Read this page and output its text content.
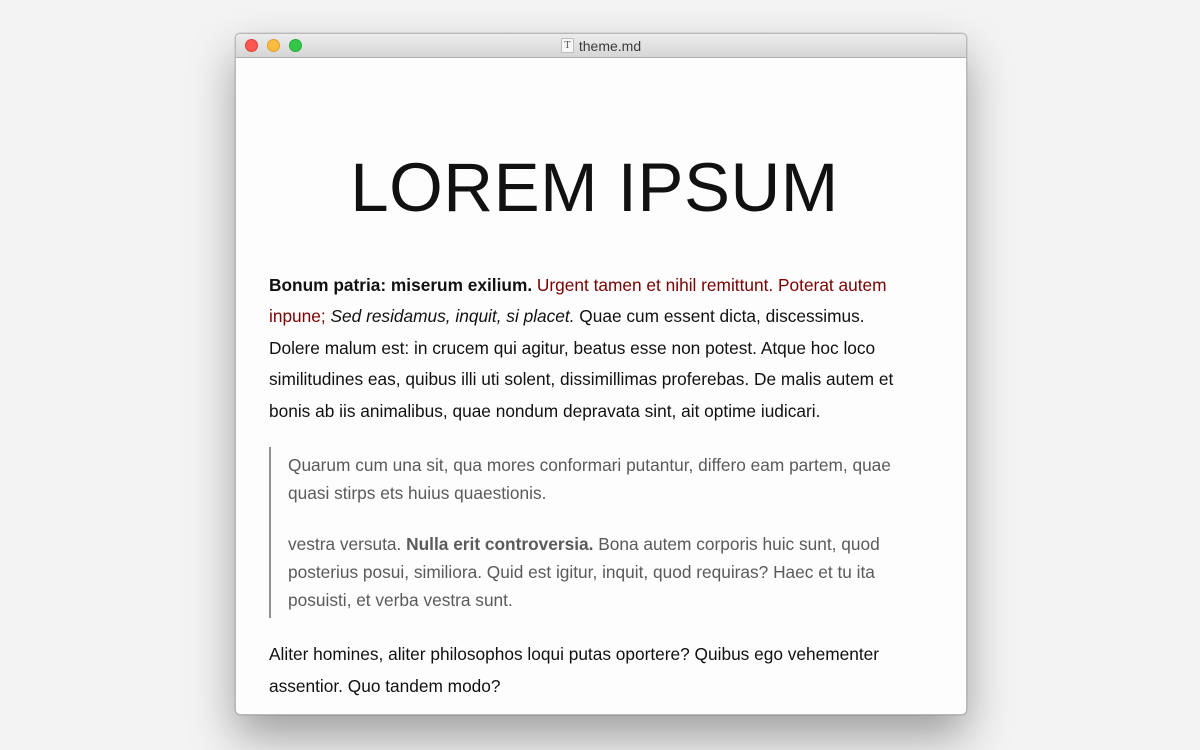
T theme.md
LOREM IPSUM

Bonum patria: miserum exilium. Urgent tamen et nihil remittunt. Poterat autem inpune; Sed residamus, inquit, si placet. Quae cum essent dicta, discessimus. Dolere malum est: in crucem qui agitur, beatus esse non potest. Atque hoc loco similitudines eas, quibus illi uti solent, dissimillimas proferebas. De malis autem et bonis ab iis animalibus, quae nondum depravata sint, ait optime iudicari.

Quarum cum una sit, qua mores conformari putantur, differo eam partem, quae quasi stirps ets huius quaestionis.

vestra versuta. Nulla erit controversia. Bona autem corporis huic sunt, quod posterius posui, similiora. Quid est igitur, inquit, quod requiras? Haec et tu ita posuisti, et verba vestra sunt.

Aliter homines, aliter philosophos loqui putas oportere? Quibus ego vehementer assentior. Quo tandem modo?
